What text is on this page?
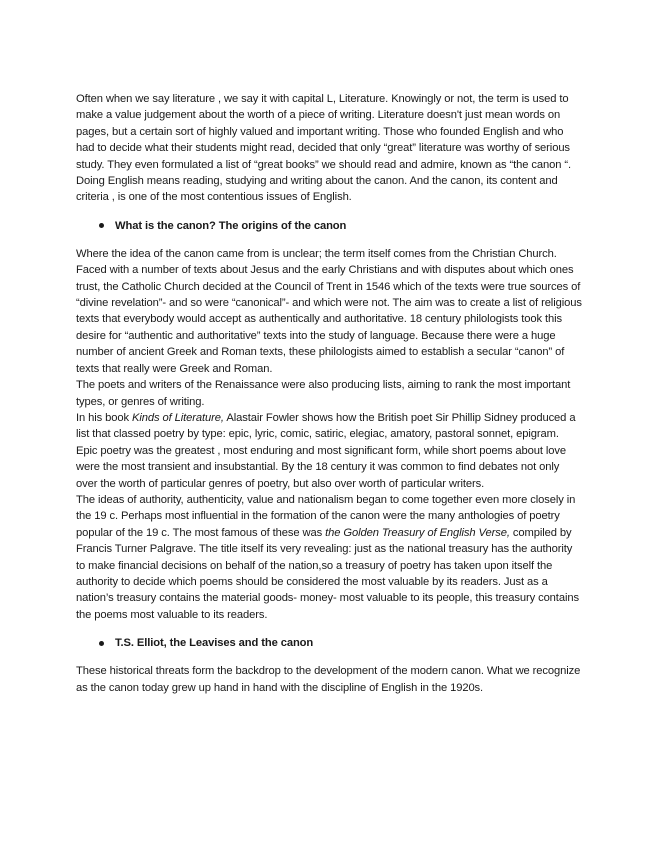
Often when we say literature , we say it with capital L, Literature. Knowingly or not, the term is used to make a value judgement about the worth of a piece of writing. Literature doesn't just mean words on pages, but a certain sort of highly valued and important writing. Those who founded English and who had to decide what their students might read, decided that only “great” literature was worthy of serious study. They even formulated a list of “great books” we should read and admire, known as “the canon “.

Doing English means reading, studying and writing about the canon. And the canon, its content and criteria , is one of the most contentious issues of English.

What is the canon? The origins of the canon

Where the idea of the canon came from is unclear; the term itself comes from the Christian Church. Faced with a number of texts about Jesus and the early Christians and with disputes about which ones trust, the Catholic Church decided at the Council of Trent in 1546 which of the texts were true sources of “divine revelation”- and so were “canonical”- and which were not. The aim was to create a list of religious texts that everybody would accept as authentically and authoritative. 18 century philologists took this desire for “authentic and authoritative” texts into the study of language. Because there were a huge number of ancient Greek and Roman texts, these philologists aimed to establish a secular “canon” of texts that really were Greek and Roman.

The poets and writers of the Renaissance were also producing lists, aiming to rank the most important types, or genres of writing.

In his book Kinds of Literature, Alastair Fowler shows how the British poet Sir Phillip Sidney produced a list that classed poetry by type: epic, lyric, comic, satiric, elegiac, amatory, pastoral sonnet, epigram. Epic poetry was the greatest , most enduring and most significant form, while short poems about love were the most transient and insubstantial. By the 18 century it was common to find debates not only over the worth of particular genres of poetry, but also over worth of particular writers.

The ideas of authority, authenticity, value and nationalism began to come together even more closely in the 19 c. Perhaps most influential in the formation of the canon were the many anthologies of poetry popular of the 19 c. The most famous of these was the Golden Treasury of English Verse, compiled by Francis Turner Palgrave. The title itself its very revealing: just as the national treasury has the authority to make financial decisions on behalf of the nation,so a treasury of poetry has taken upon itself the authority to decide which poems should be considered the most valuable by its readers. Just as a nation’s treasury contains the material goods- money- most valuable to its people, this treasury contains the poems most valuable to its readers.

T.S. Elliot, the Leavises and the canon

These historical threats form the backdrop to the development of the modern canon. What we recognize as the canon today grew up hand in hand with the discipline of English in the 1920s.
